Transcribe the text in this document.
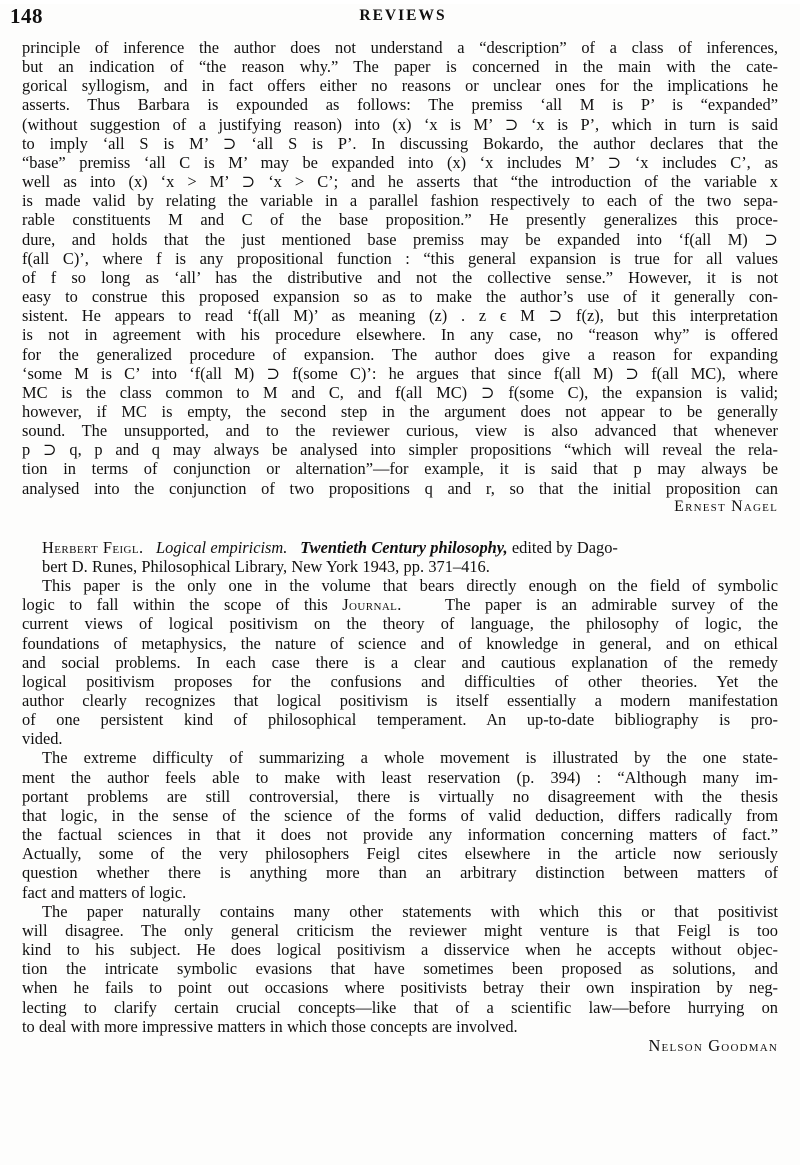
148	REVIEWS

principle of inference the author does not understand a “description” of a class of inferences,
but an indication of “the reason why.” The paper is concerned in the main with the cate-
gorical syllogism, and in fact offers either no reasons or unclear ones for the implications he
asserts. Thus Barbara is expounded as follows: The premiss ‘all M is P’ is “expanded”
(without suggestion of a justifying reason) into (x) ‘x is M’ ⊃ ‘x is P’, which in turn is said
to imply ‘all S is M’ ⊃ ‘all S is P’. In discussing Bokardo, the author declares that the
“base” premiss ‘all C is M’ may be expanded into (x) ‘x includes M’ ⊃ ‘x includes C’, as
well as into (x) ‘x > M’ ⊃ ‘x > C’; and he asserts that “the introduction of the variable x
is made valid by relating the variable in a parallel fashion respectively to each of the two sepa-
rable constituents M and C of the base proposition.” He presently generalizes this proce-
dure, and holds that the just mentioned base premiss may be expanded into ‘f(all M) ⊃
f(all C)’, where f is any propositional function : “this general expansion is true for all values
of f so long as ‘all’ has the distributive and not the collective sense.” However, it is not
easy to construe this proposed expansion so as to make the author’s use of it generally con-
sistent. He appears to read ‘f(all M)’ as meaning (z) . z ϵ M ⊃ f(z), but this interpretation
is not in agreement with his procedure elsewhere. In any case, no “reason why” is offered
for the generalized procedure of expansion. The author does give a reason for expanding
‘some M is C’ into ‘f(all M) ⊃ f(some C)’: he argues that since f(all M) ⊃ f(all MC), where
MC is the class common to M and C, and f(all MC) ⊃ f(some C), the expansion is valid;
however, if MC is empty, the second step in the argument does not appear to be generally
sound. The unsupported, and to the reviewer curious, view is also advanced that whenever
p ⊃ q, p and q may always be analysed into simpler propositions “which will reveal the rela-
tion in terms of conjunction or alternation”—for example, it is said that p may always be
analysed into the conjunction of two propositions q and r, so that the initial proposition can

Ernest Nagel

Herbert Feigl. Logical empiricism. Twentieth Century philosophy, edited by Dago-
bert D. Runes, Philosophical Library, New York 1943, pp. 371–416.

This paper is the only one in the volume that bears directly enough on the field of symbolic
logic to fall within the scope of this Journal.   The paper is an admirable survey of the
current views of logical positivism on the theory of language, the philosophy of logic, the
foundations of metaphysics, the nature of science and of knowledge in general, and on ethical
and social problems. In each case there is a clear and cautious explanation of the remedy
logical positivism proposes for the confusions and difficulties of other theories. Yet the
author clearly recognizes that logical positivism is itself essentially a modern manifestation
of one persistent kind of philosophical temperament. An up-to-date bibliography is pro-
vided.

The extreme difficulty of summarizing a whole movement is illustrated by the one state-
ment the author feels able to make with least reservation (p. 394) : “Although many im-
portant problems are still controversial, there is virtually no disagreement with the thesis
that logic, in the sense of the science of the forms of valid deduction, differs radically from
the factual sciences in that it does not provide any information concerning matters of fact.”
Actually, some of the very philosophers Feigl cites elsewhere in the article now seriously
question whether there is anything more than an arbitrary distinction between matters of
fact and matters of logic.

The paper naturally contains many other statements with which this or that positivist
will disagree. The only general criticism the reviewer might venture is that Feigl is too
kind to his subject. He does logical positivism a disservice when he accepts without objec-
tion the intricate symbolic evasions that have sometimes been proposed as solutions, and
when he fails to point out occasions where positivists betray their own inspiration by neg-
lecting to clarify certain crucial concepts—like that of a scientific law—before hurrying on
to deal with more impressive matters in which those concepts are involved.

Nelson Goodman
